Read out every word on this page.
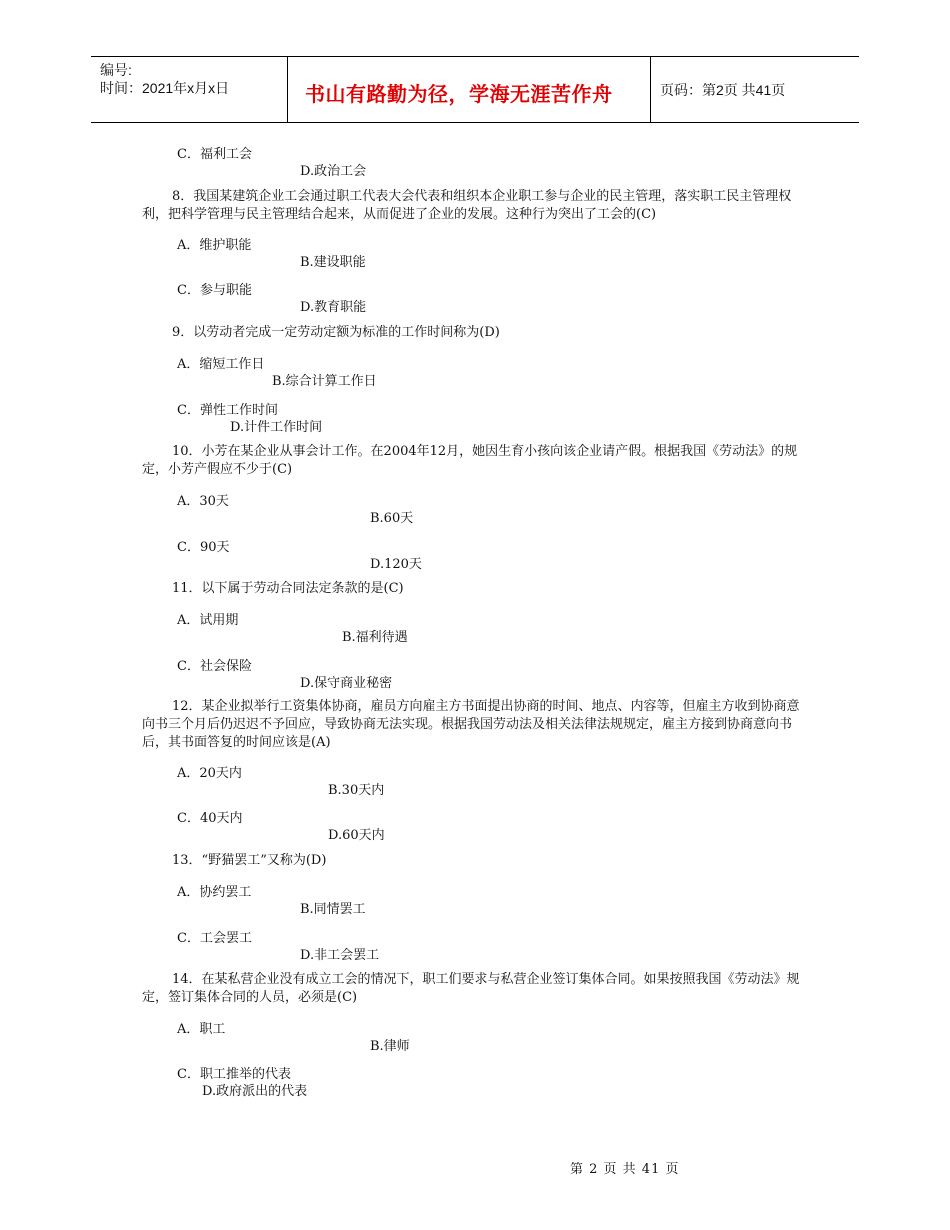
编号:
时间：2021年x月x日	书山有路勤为径，学海无涯苦作舟	页码：第2页 共41页
C．福利工会
D.政治工会
8．我国某建筑企业工会通过职工代表大会代表和组织本企业职工参与企业的民主管理，落实职工民主管理权利，把科学管理与民主管理结合起来，从而促进了企业的发展。这种行为突出了工会的(C)
A．维护职能
B.建设职能
C．参与职能
D.教育职能
9．以劳动者完成一定劳动定额为标准的工作时间称为(D)
A．缩短工作日
B.综合计算工作日
C．弹性工作时间
D.计件工作时间
10．小芳在某企业从事会计工作。在2004年12月，她因生育小孩向该企业请产假。根据我国《劳动法》的规定，小芳产假应不少于(C)
A．30天
B.60天
C．90天
D.120天
11．以下属于劳动合同法定条款的是(C)
A．试用期
B.福利待遇
C．社会保险
D.保守商业秘密
12．某企业拟举行工资集体协商，雇员方向雇主方书面提出协商的时间、地点、内容等，但雇主方收到协商意向书三个月后仍迟迟不予回应，导致协商无法实现。根据我国劳动法及相关法律法规规定，雇主方接到协商意向书后，其书面答复的时间应该是(A)
A．20天内
B.30天内
C．40天内
D.60天内
13．“野猫罢工”又称为(D)
A．协约罢工
B.同情罢工
C．工会罢工
D.非工会罢工
14．在某私营企业没有成立工会的情况下，职工们要求与私营企业签订集体合同。如果按照我国《劳动法》规定，签订集体合同的人员，必须是(C)
A．职工
B.律师
C．职工推举的代表
D.政府派出的代表
第 2 页 共 41 页
